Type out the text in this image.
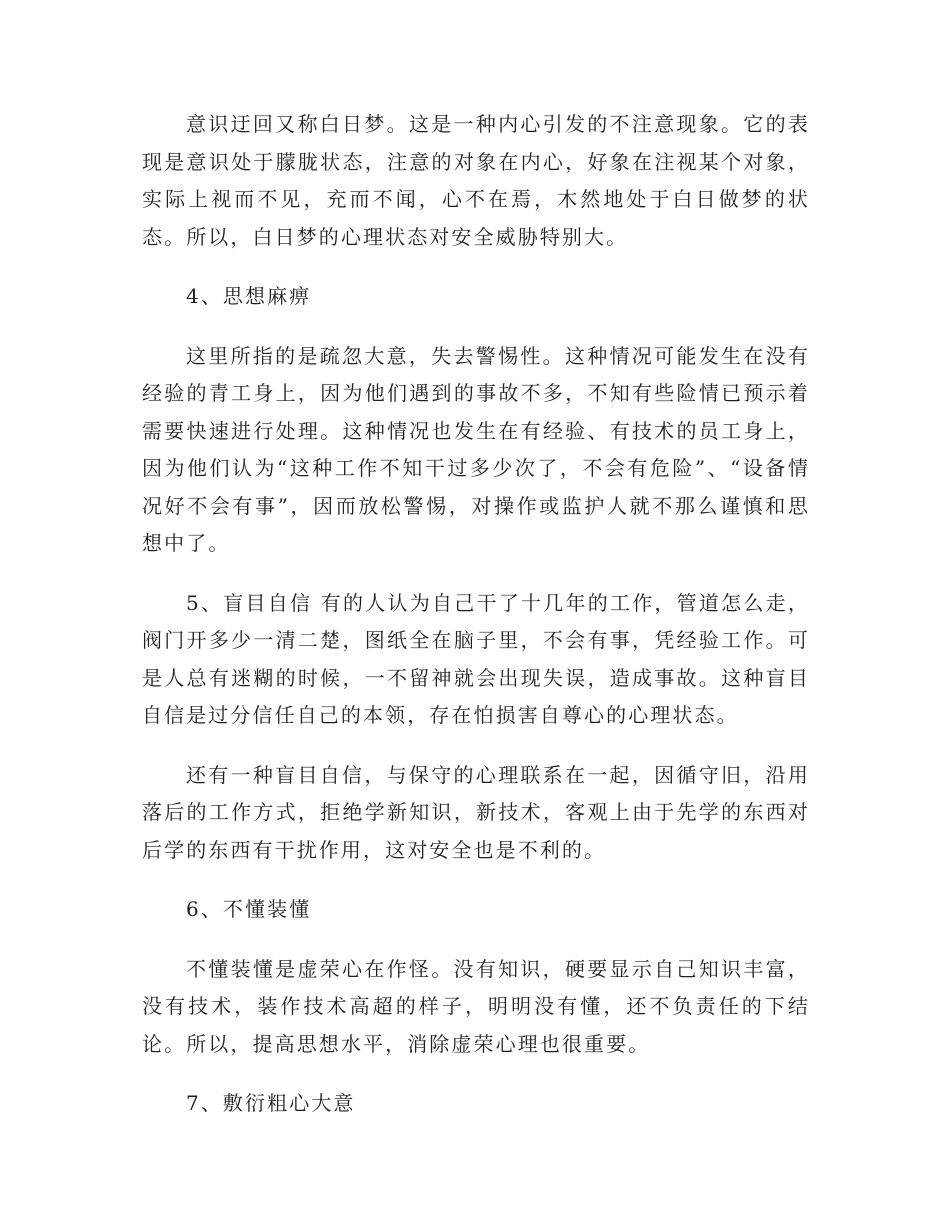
意识迂回又称白日梦。这是一种内心引发的不注意现象。它的表现是意识处于朦胧状态，注意的对象在内心，好象在注视某个对象，实际上视而不见，充而不闻，心不在焉，木然地处于白日做梦的状态。所以，白日梦的心理状态对安全威胁特别大。

4、思想麻痹

这里所指的是疏忽大意，失去警惕性。这种情况可能发生在没有经验的青工身上，因为他们遇到的事故不多，不知有些险情已预示着需要快速进行处理。这种情况也发生在有经验、有技术的员工身上，因为他们认为“这种工作不知干过多少次了，不会有危险”、“设备情况好不会有事”，因而放松警惕，对操作或监护人就不那么谨慎和思想中了。

5、盲目自信 有的人认为自己干了十几年的工作，管道怎么走，阀门开多少一清二楚，图纸全在脑子里，不会有事，凭经验工作。可是人总有迷糊的时候，一不留神就会出现失误，造成事故。这种盲目自信是过分信任自己的本领，存在怕损害自尊心的心理状态。

还有一种盲目自信，与保守的心理联系在一起，因循守旧，沿用落后的工作方式，拒绝学新知识，新技术，客观上由于先学的东西对后学的东西有干扰作用，这对安全也是不利的。

6、不懂装懂

不懂装懂是虚荣心在作怪。没有知识，硬要显示自己知识丰富，没有技术，装作技术高超的样子，明明没有懂，还不负责任的下结论。所以，提高思想水平，消除虚荣心理也很重要。

7、敷衍粗心大意
